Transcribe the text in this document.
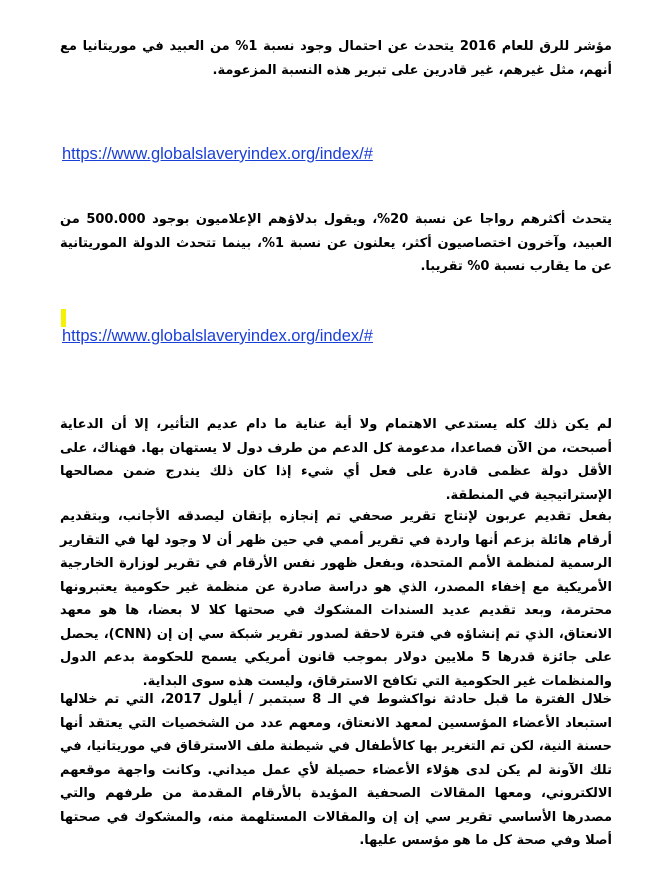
مؤشر للرق للعام 2016 يتحدث عن احتمال وجود نسبة 1% من العبيد في موريتانيا مع أنهم، مثل غيرهم، غير قادرين على تبرير هذه النسبة المزعومة.
https://www.globalslaveryindex.org/index/#
يتحدث أكثرهم رواجا عن نسبة 20%، ويقول بدلاؤهم الإعلاميون بوجود 500.000 من العبيد، وآخرون اختصاصيون أكثر، يعلنون عن نسبة 1%، بينما تتحدث الدولة الموريتانية عن ما يقارب نسبة 0% تقريبا.
https://www.globalslaveryindex.org/index/#
لم يكن ذلك كله يستدعي الاهتمام ولا أية عناية ما دام عديم التأثير، إلا أن الدعاية أصبحت، من الآن فصاعدا، مدعومة كل الدعم من طرف دول لا يستهان بها. فهناك، على الأقل دولة عظمى قادرة على فعل أي شيء إذا كان ذلك يندرج ضمن مصالحها الإستراتيجية في المنطقة.
بفعل تقديم عربون لإنتاج تقرير صحفي تم إنجازه بإتقان ليصدقه الأجانب، وبتقديم أرقام هائلة بزعم أنها واردة في تقرير أممي في حين ظهر أن لا وجود لها في التقارير الرسمية لمنظمة الأمم المتحدة، وبفعل ظهور نفس الأرقام في تقرير لوزارة الخارجية الأمريكية مع إخفاء المصدر، الذي هو دراسة صادرة عن منظمة غير حكومية يعتبرونها محترمة، وبعد تقديم عديد السندات المشكوك في صحتها كلا لا بعضا، ها هو معهد الانعتاق، الذي تم إنشاؤه في فترة لاحقة لصدور تقرير شبكة سي إن إن (CNN)، يحصل على جائزة قدرها 5 ملايين دولار بموجب قانون أمريكي يسمح للحكومة بدعم الدول والمنظمات غير الحكومية التي تكافح الاسترقاق، وليست هذه سوى البداية.
خلال الفترة ما قبل حادثة نواكشوط في الـ 8 سبتمبر / أيلول 2017، التي تم خلالها استبعاد الأعضاء المؤسسين لمعهد الانعتاق، ومعهم عدد من الشخصيات التي يعتقد أنها حسنة النية، لكن تم التغرير بها كالأطفال في شيطنة ملف الاسترقاق في موريتانيا، في تلك الآونة لم يكن لدى هؤلاء الأعضاء حصيلة لأي عمل ميداني. وكانت واجهة موقعهم الالكتروني، ومعها المقالات الصحفية المؤيدة بالأرقام المقدمة من طرفهم والتي مصدرها الأساسي تقرير سي إن إن والمقالات المستلهمة منه، والمشكوك في صحتها أصلا وفي صحة كل ما هو مؤسس عليها.
